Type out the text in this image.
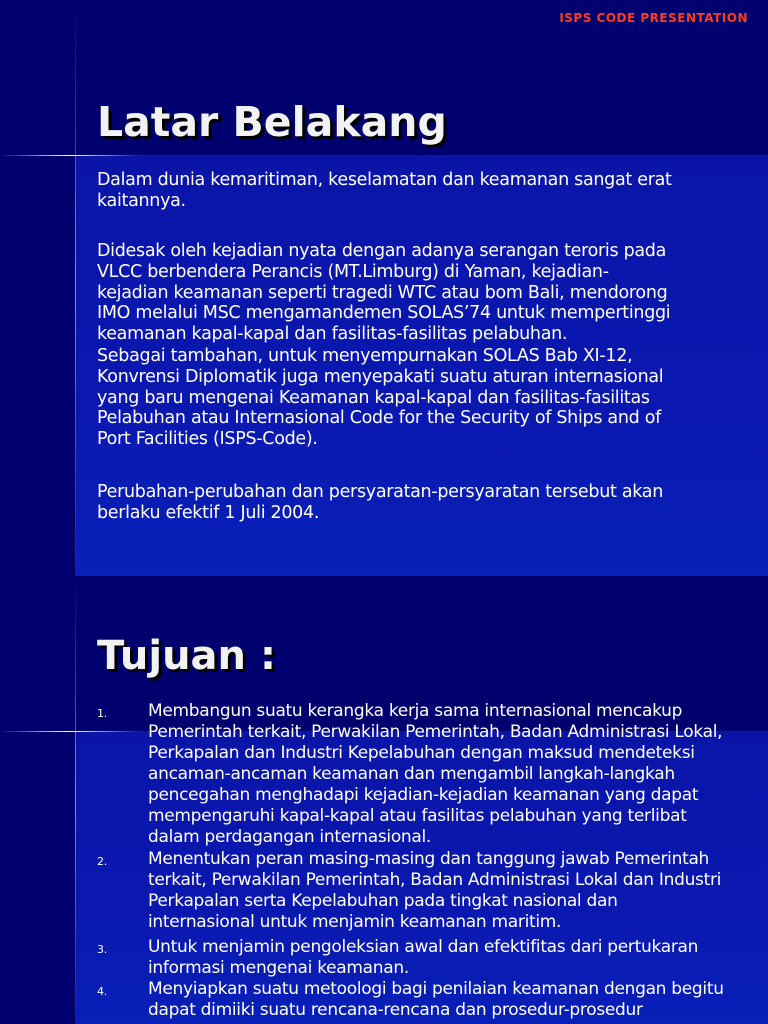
ISPS CODE PRESENTATION
Latar Belakang
Dalam dunia kemaritiman, keselamatan dan keamanan sangat erat
kaitannya.
Didesak oleh kejadian nyata dengan adanya serangan teroris pada
VLCC berbendera Perancis (MT.Limburg) di Yaman, kejadian-
kejadian keamanan seperti tragedi WTC atau bom Bali, mendorong
IMO melalui MSC mengamandemen SOLAS’74 untuk mempertinggi
keamanan kapal-kapal dan fasilitas-fasilitas pelabuhan.
Sebagai tambahan, untuk menyempurnakan SOLAS Bab XI-12,
Konvrensi Diplomatik juga menyepakati suatu aturan internasional
yang baru mengenai Keamanan kapal-kapal dan fasilitas-fasilitas
Pelabuhan atau Internasional Code for the Security of Ships and of
Port Facilities (ISPS-Code).
Perubahan-perubahan dan persyaratan-persyaratan tersebut akan
berlaku efektif 1 Juli 2004.
Tujuan :
1. Membangun suatu kerangka kerja sama internasional mencakup
Pemerintah terkait, Perwakilan Pemerintah, Badan Administrasi Lokal,
Perkapalan dan Industri Kepelabuhan dengan maksud mendeteksi
ancaman-ancaman keamanan dan mengambil langkah-langkah
pencegahan menghadapi kejadian-kejadian keamanan yang dapat
mempengaruhi kapal-kapal atau fasilitas pelabuhan yang terlibat
dalam perdagangan internasional.
2. Menentukan peran masing-masing dan tanggung jawab Pemerintah
terkait, Perwakilan Pemerintah, Badan Administrasi Lokal dan Industri
Perkapalan serta Kepelabuhan pada tingkat nasional dan
internasional untuk menjamin keamanan maritim.
3. Untuk menjamin pengoleksian awal dan efektifitas dari pertukaran
informasi mengenai keamanan.
4. Menyiapkan suatu metoologi bagi penilaian keamanan dengan begitu
dapat dimiiki suatu rencana-rencana dan prosedur-prosedur
